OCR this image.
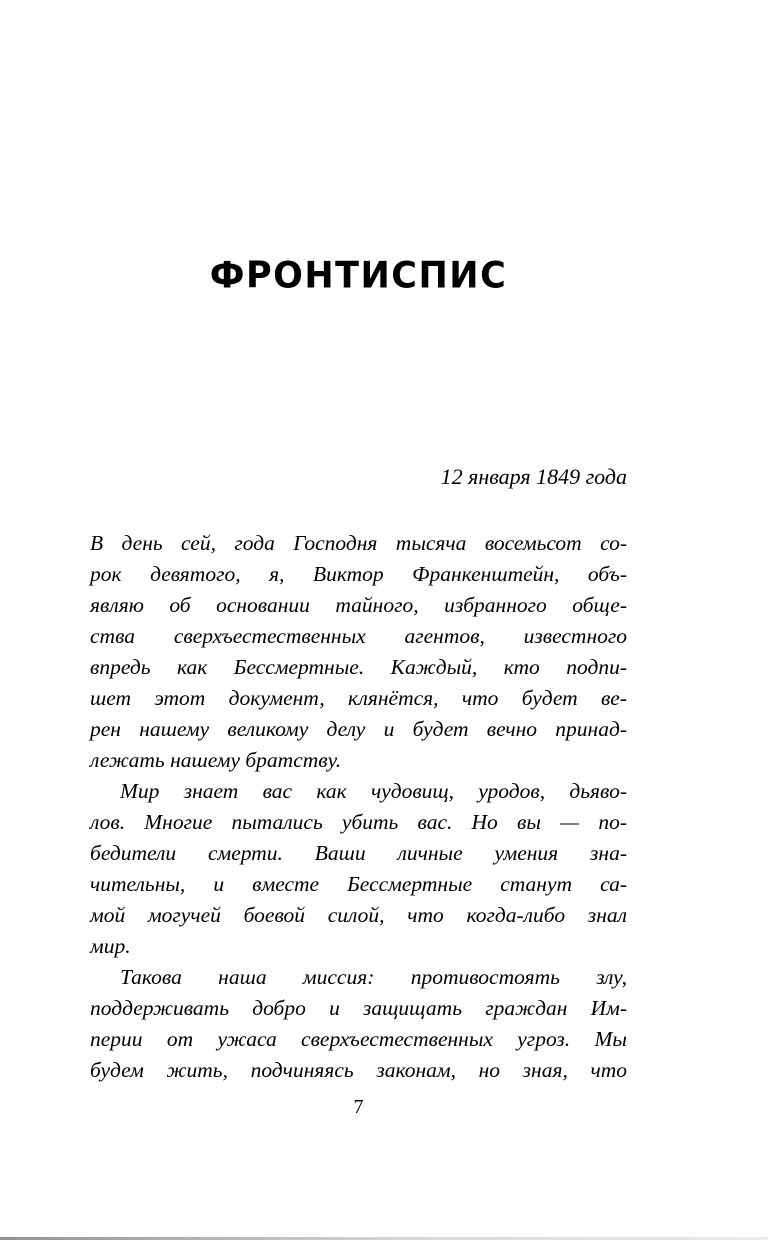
ФРОНТИСПИС
12 января 1849 года

В день сей, года Господня тысяча восемьсот со-
рок девятого, я, Виктор Франкенштейн, объ-
являю об основании тайного, избранного обще-
ства сверхъестественных агентов, известного
впредь как Бессмертные. Каждый, кто подпи-
шет этот документ, клянётся, что будет ве-
рен нашему великому делу и будет вечно принад-
лежать нашему братству.

Мир знает вас как чудовищ, уродов, дьяво-
лов. Многие пытались убить вас. Но вы — по-
бедители смерти. Ваши личные умения зна-
чительны, и вместе Бессмертные станут са-
мой могучей боевой силой, что когда-либо знал
мир.

Такова наша миссия: противостоять злу,
поддерживать добро и защищать граждан Им-
перии от ужаса сверхъестественных угроз. Мы
будем жить, подчиняясь законам, но зная, что

7
